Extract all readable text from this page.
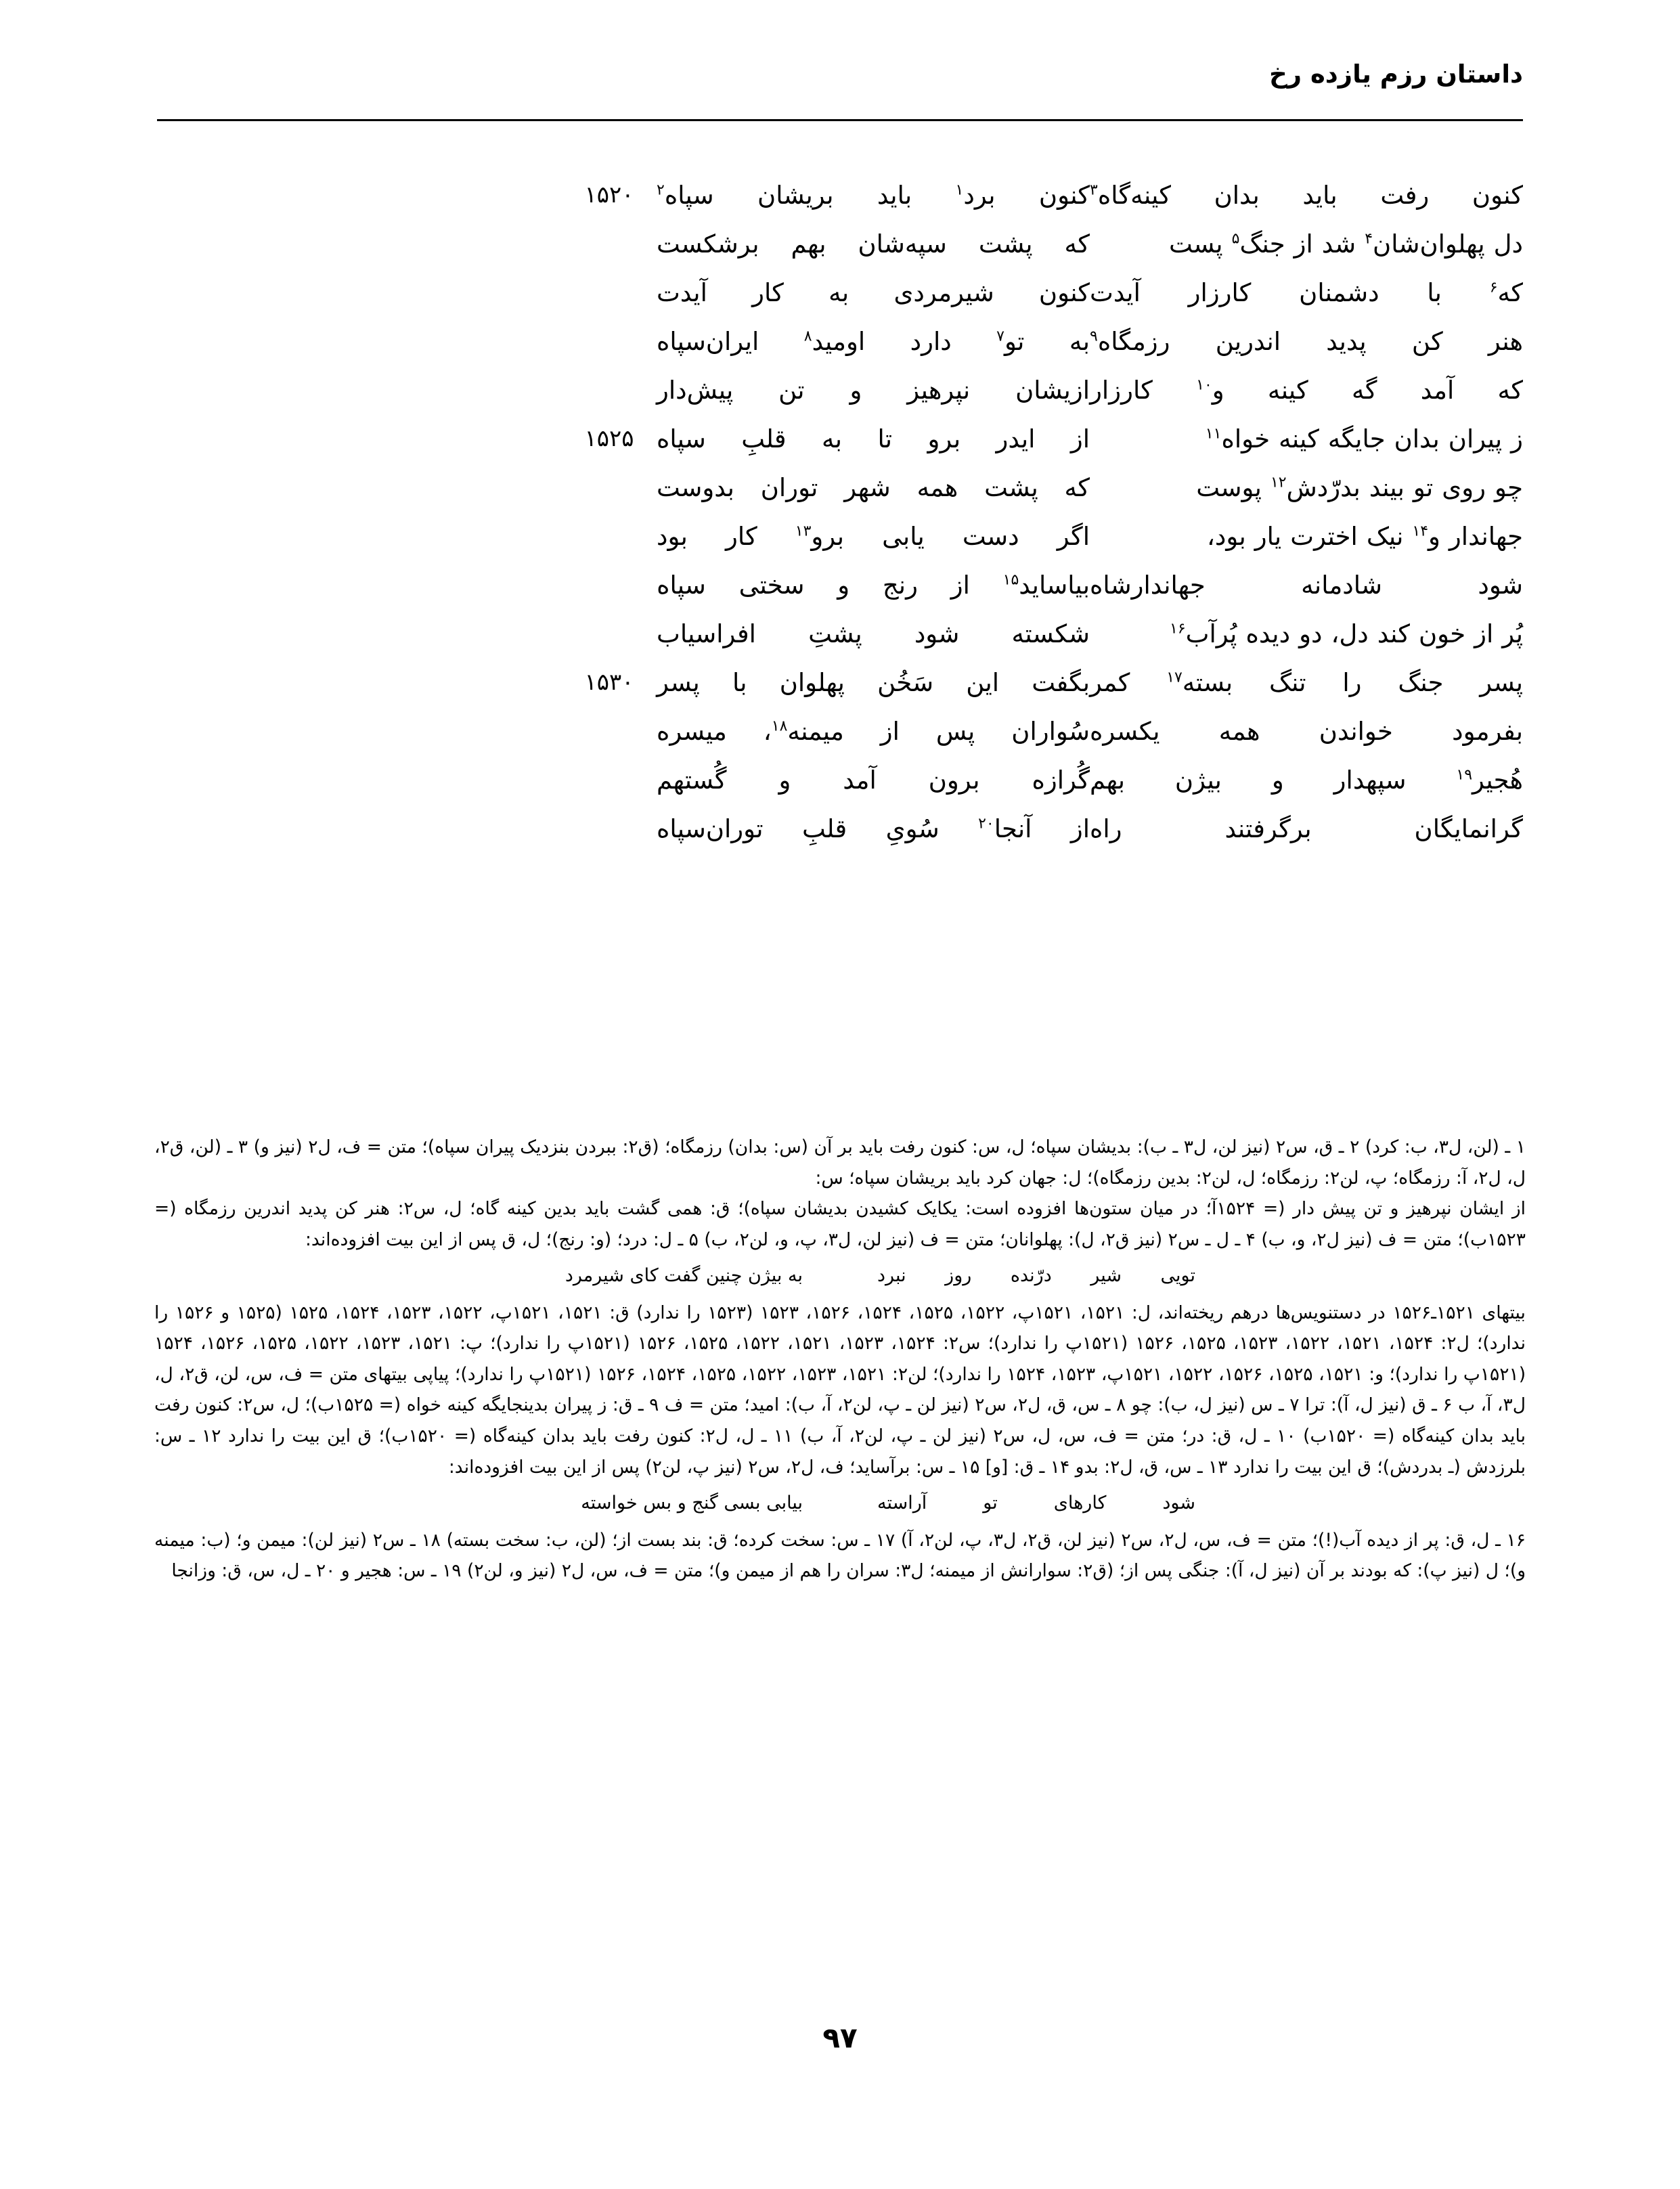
داستان رزم یازده رخ
کنون
رفت
باید
بدان
کینه‌گاه$^۳$
کنون
برد$^۱$
باید
بریشان
سپاه$^۲$
۱۵۲۰
دل
پهلوان‌شان$^۴$
شد
از
جنگ$^۵$
پست
که
پشت
سپه‌شان
بهم
برشکست
که$^۶$
با
دشمنان
کارزار
آیدت
کنون
شیرمردی
به
کار
آیدت
هنر
کن
پدید
اندرین
رزمگاه$^۹$
به
تو$^۷$
دارد
اومید$^۸$
ایران‌سپاه
که
آمد
گه
کینه
و$^{۱۰}$
کارزار
ازیشان
نپرهیز
و
تن
پیش‌دار
ز
پیران
بدان
جایگه
کینه
خواه$^{۱۱}$
از
ایدر
برو
تا
به
قلبِ
سپاه
۱۵۲۵
چو
روی
تو
بیند
بدرّدش$^{۱۲}$
پوست
که
پشت
همه
شهر
توران
بدوست
جهاندار
و$^{۱۴}$
نیک
اخترت
یار
بود،
اگر
دست
یابی
برو$^{۱۳}$
کار
بود
شود
شادمانه
جهاندارشاه
بیاساید$^{۱۵}$
از
رنج
و
سختی
سپاه
پُر
از
خون
کند
دل،
دو
دیده
پُرآب$^{۱۶}$
شکسته
شود
پشتِ
افراسیاب
پسر
جنگ
را
تنگ
بسته$^{۱۷}$
کمر
بگفت
این
سَخُن
پهلوان
با
پسر
۱۵۳۰
بفرمود
خواندن
همه
یکسره
سُواران
پس
از
میمنه$^{۱۸}$،
میسره
هُجیر$^{۱۹}$
سپهدار
و
بیژن
بهم
گُرازه
برون
آمد
و
گُستهم
گرانمایگان
برگرفتند
راه
از
آنجا$^{۲۰}$
سُویِ
قلبِ
توران‌سپاه

۱ ـ (لن، ل۳، ب: کرد) ۲ ـ ق، س۲ (نیز لن، ل۳ ـ ب): بدیشان سپاه؛ ل، س: کنون رفت باید بر آن (س: بدان) رزمگاه؛ (ق۲: ببردن بنزدیک پیران سپاه)؛ متن = ف، ل۲ (نیز و) ۳ ـ (لن، ق۲، ل، ل۲، آ: رزمگاه؛ پ، لن۲: رزمگاه؛ ل، لن۲: بدین رزمگاه)؛ ل: جهان کرد باید بریشان سپاه؛ س:

از ایشان نپرهیز و تن پیش دار (= ۱۵۲۴آ؛ در میان ستون‌ها افزوده است: یکایک کشیدن بدیشان سپاه)؛ ق: همی گشت باید بدین کینه گاه؛ ل، س۲: هنر کن پدید اندرین رزمگاه (= ۱۵۲۳ب)؛ متن = ف (نیز ل۲، و، ب) ۴ ـ ل ـ س۲ (نیز ق۲، ل): پهلوانان؛ متن = ف (نیز لن، ل۳، پ، و، لن۲، ب) ۵ ـ ل: درد؛ (و: رنج)؛ ل، ق پس از این بیت افزوده‌اند:

تویی
شیر
درّنده
روز
نبرد
به بیژن چنین گفت کای شیرمرد

بیتهای ۱۵۲۱ـ۱۵۲۶ در دستنویس‌ها درهم ریخته‌اند، ل: ۱۵۲۱، ۱۵۲۱پ، ۱۵۲۲، ۱۵۲۵، ۱۵۲۴، ۱۵۲۶، ۱۵۲۳ (۱۵۲۳ را ندارد) ق: ۱۵۲۱، ۱۵۲۱پ، ۱۵۲۲، ۱۵۲۳، ۱۵۲۴، ۱۵۲۵ (۱۵۲۵ و ۱۵۲۶ را ندارد)؛ ل۲: ۱۵۲۴، ۱۵۲۱، ۱۵۲۲، ۱۵۲۳، ۱۵۲۵، ۱۵۲۶ (۱۵۲۱پ را ندارد)؛ س۲: ۱۵۲۴، ۱۵۲۳، ۱۵۲۱، ۱۵۲۲، ۱۵۲۵، ۱۵۲۶ (۱۵۲۱پ را ندارد)؛ پ: ۱۵۲۱، ۱۵۲۳، ۱۵۲۲، ۱۵۲۵، ۱۵۲۶، ۱۵۲۴ (۱۵۲۱پ را ندارد)؛ و: ۱۵۲۱، ۱۵۲۵، ۱۵۲۶، ۱۵۲۲، ۱۵۲۱پ، ۱۵۲۳، ۱۵۲۴ را ندارد)؛ لن۲: ۱۵۲۱، ۱۵۲۳، ۱۵۲۲، ۱۵۲۵، ۱۵۲۴، ۱۵۲۶ (۱۵۲۱پ را ندارد)؛ پیاپی بیتهای متن = ف، س، لن، ق۲، ل، ل۳، آ، ب ۶ ـ ق (نیز ل، آ): ترا ۷ ـ س (نیز ل، ب): چو ۸ ـ س، ق، ل۲، س۲ (نیز لن ـ پ، لن۲، آ، ب): امید؛ متن = ف ۹ ـ ق: ز پیران بدینجایگه کینه خواه (= ۱۵۲۵ب)؛ ل، س۲: کنون رفت باید بدان کینه‌گاه (= ۱۵۲۰ب) ۱۰ ـ ل، ق: در؛ متن = ف، س، ل، س۲ (نیز لن ـ پ، لن۲، آ، ب) ۱۱ ـ ل، ل۲: کنون رفت باید بدان کینه‌گاه (= ۱۵۲۰ب)؛ ق این بیت را ندارد ۱۲ ـ س: بلرزدش (ـ بدردش)؛ ق این بیت را ندارد ۱۳ ـ س، ق، ل۲: بدو ۱۴ ـ ق: [و] ۱۵ ـ س: برآساید؛ ف، ل۲، س۲ (نیز پ، لن۲) پس از این بیت افزوده‌اند:

شود
کارهای
تو
آراسته
بیابی بسی گنج و بس خواسته

۱۶ ـ ل، ق: پر از دیده آب(!)؛ متن = ف، س، ل۲، س۲ (نیز لن، ق۲، ل۳، پ، لن۲، آ) ۱۷ ـ س: سخت کرده؛ ق: بند بست از؛ (لن، ب: سخت بسته) ۱۸ ـ س۲ (نیز لن): میمن و؛ (ب: میمنه و)؛ ل (نیز پ): که بودند بر آن (نیز ل، آ): جنگی پس از؛ (ق۲: سوارانش از میمنه؛ ل۳: سران را هم از میمن و)؛ متن = ف، س، ل۲ (نیز و، لن۲) ۱۹ ـ س: هجیر و ۲۰ ـ ل، س، ق: وزانجا

۹۷
